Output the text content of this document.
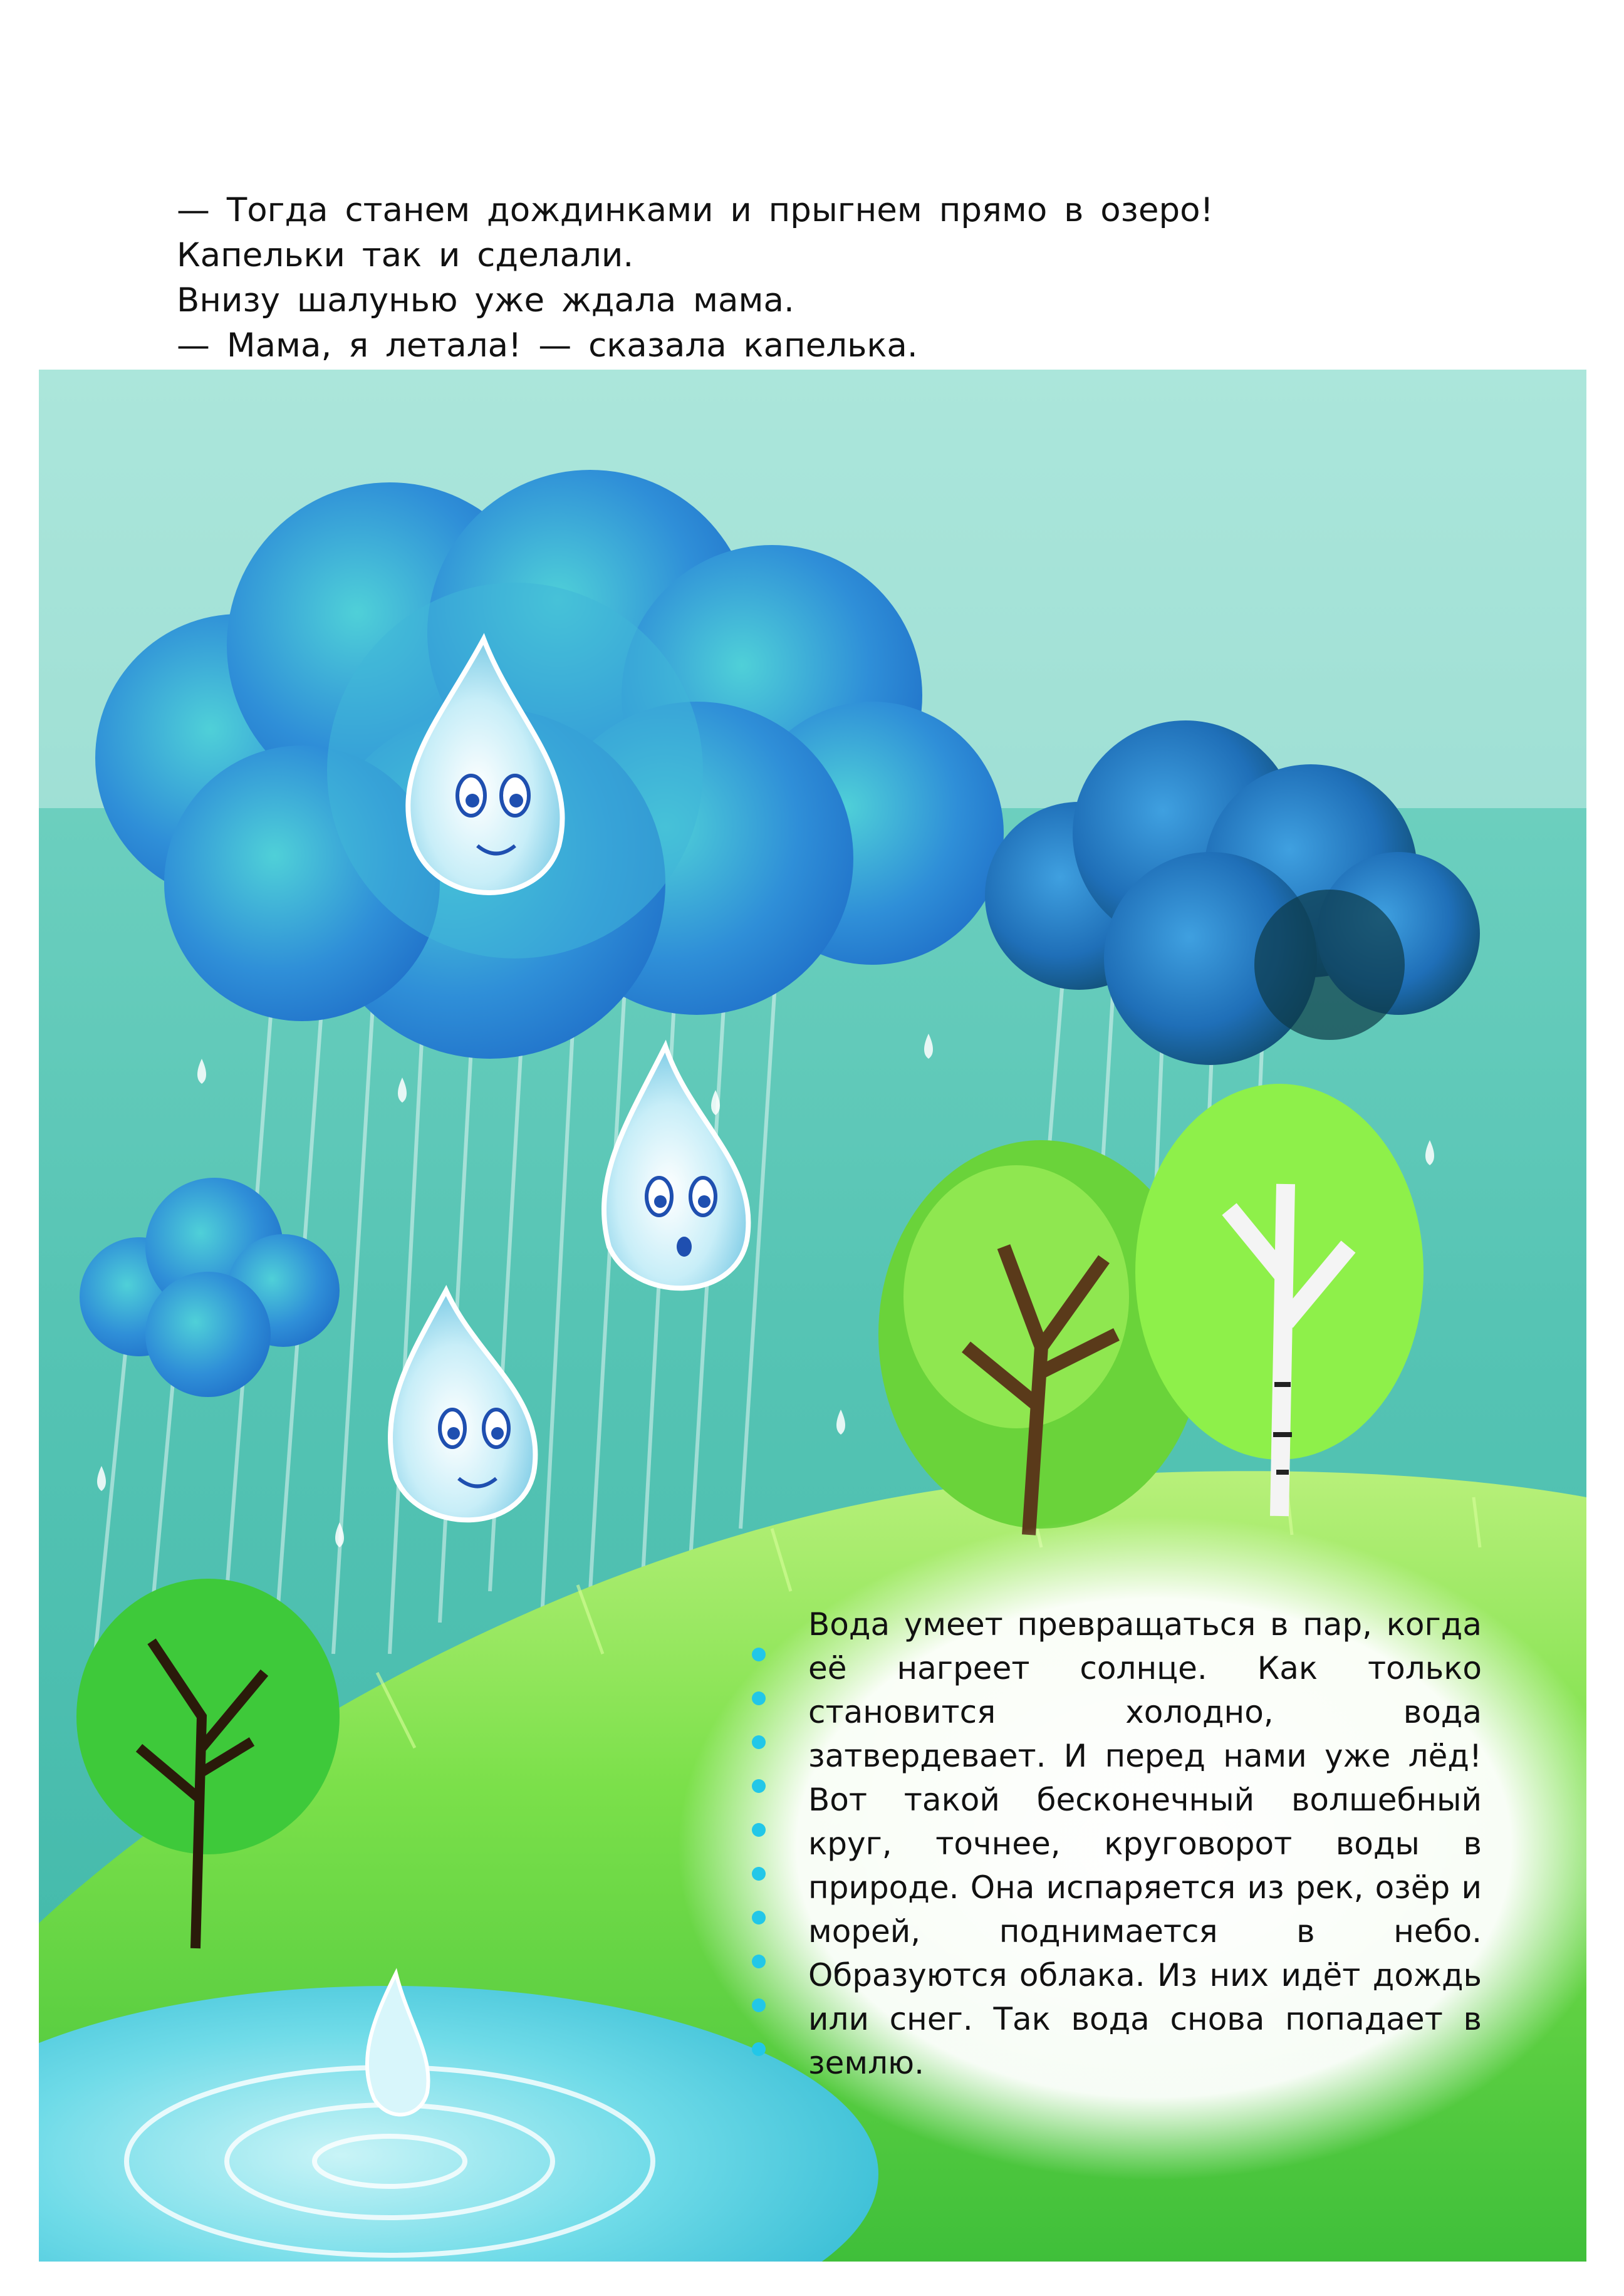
— Тогда станем дождинками и прыгнем прямо в озеро!

Капельки так и сделали.

Внизу шалунью уже ждала мама.

— Мама, я летала! — сказала капелька.

Вода умеет превращаться в пар, когда её нагреет солнце. Как только становится холодно, вода затвердевает. И перед нами уже лёд! Вот такой бесконечный волшебный круг, точнее, круговорот воды в природе. Она испаряется из рек, озёр и морей, поднимается в небо. Образуются облака. Из них идёт дождь или снег. Так вода снова попадает в землю.
